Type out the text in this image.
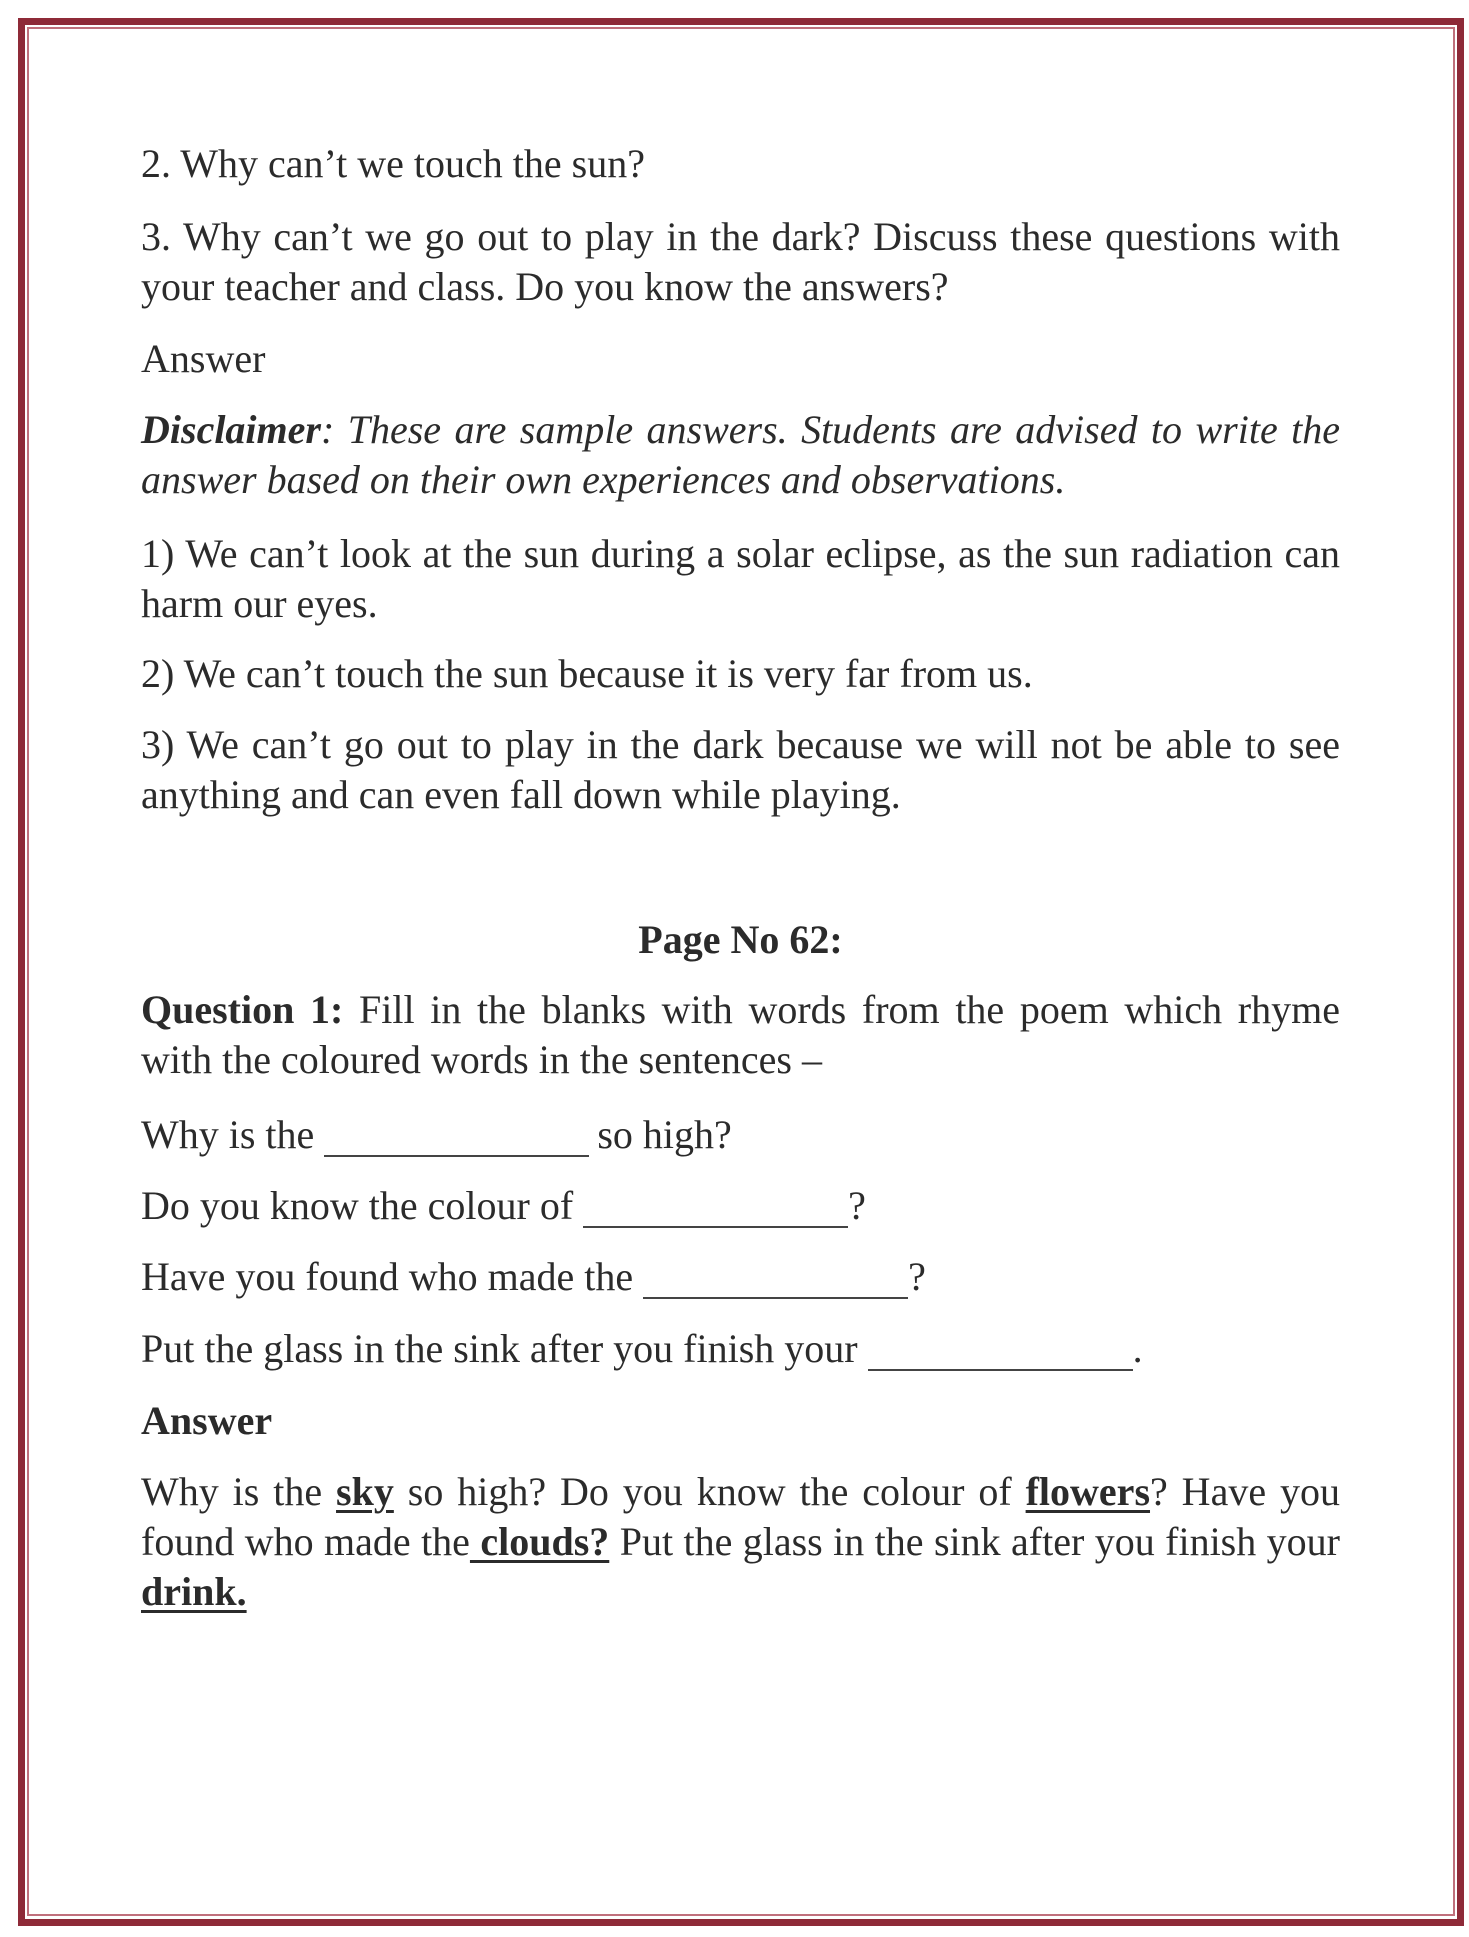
2. Why can’t we touch the sun?

3. Why can’t we go out to play in the dark? Discuss these questions with your teacher and class. Do you know the answers?

Answer

Disclaimer: These are sample answers. Students are advised to write the answer based on their own experiences and observations.

1) We can’t look at the sun during a solar eclipse, as the sun radiation can harm our eyes.

2) We can’t touch the sun because it is very far from us.

3) We can’t go out to play in the dark because we will not be able to see anything and can even fall down while playing.

Page No 62:

Question 1: Fill in the blanks with words from the poem which rhyme with the coloured words in the sentences –

Why is the	so high?

Do you know the colour of	?

Have you found who made the	?

Put the glass in the sink after you finish your	.

Answer

Why is the sky so high? Do you know the colour of flowers? Have you found who made the clouds? Put the glass in the sink after you finish your drink.
